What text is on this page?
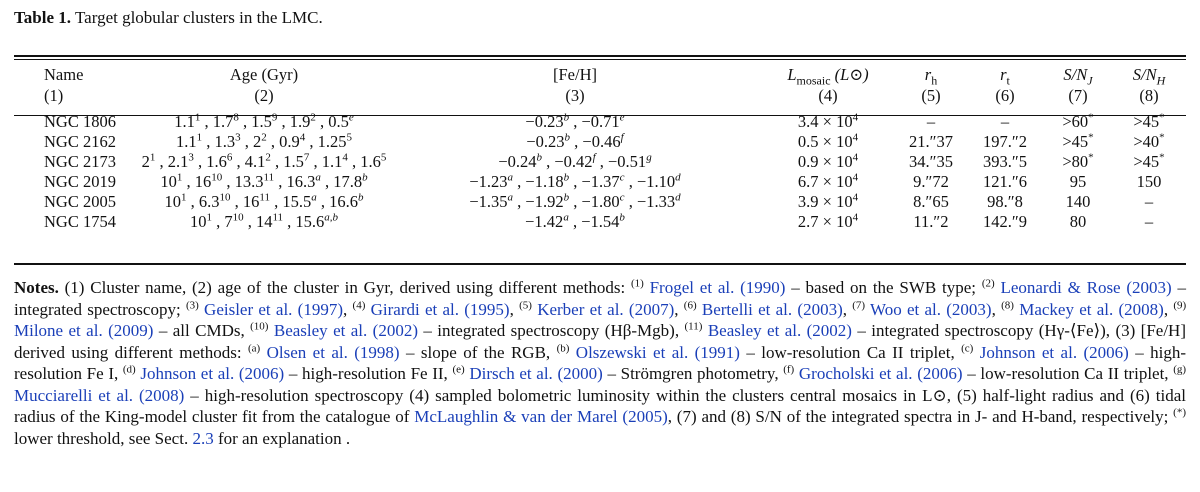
Table 1. Target globular clusters in the LMC.
Name	Age (Gyr)	[Fe/H]	$L_{mosaic}$ (L⊙)	$r_h$	$r_t$	$S/N_J$	$S/N_H$
(1)	(2)	(3)	(4)	(5)	(6)	(7)	(8)
NGC 1806	$1.1^1$ , $1.7^8$ , $1.5^9$ , $1.9^2$ , 0.5$^e$	−0.23$^b$ , −0.71$^e$	$3.4 \times 10^4$	–	–	>60*	>45*
NGC 2162	$1.1^1$ , $1.3^3$ , $2^2$ , $0.9^4$ , $1.25^5$	−0.23$^b$ , −0.46$^f$	$0.5 \times 10^4$	21.″37	197.″2	>45*	>40*
NGC 2173	$2^1$ , $2.1^3$ , $1.6^6$ , $4.1^2$ , $1.5^7$ , $1.1^4$ , $1.6^5$	−0.24$^b$ , −0.42$^f$ , −0.51$^g$	$0.9 \times 10^4$	34.″35	393.″5	>80*	>45*
NGC 2019	$10^1$ , $16^{10}$ , 13.3$^{11}$ , 16.3$^a$ , 17.8$^b$	−1.23$^a$ , −1.18$^b$ , −1.37$^c$ , −1.10$^d$	$6.7 \times 10^4$	9.″72	121.″6	95	150
NGC 2005	$10^1$ , $6.3^{10}$ , $16^{11}$ , 15.5$^a$ , 16.6$^b$	−1.35$^a$ , −1.92$^b$ , −1.80$^c$ , −1.33$^d$	$3.9 \times 10^4$	8.″65	98.″8	140	–
NGC 1754	$10^1$ , $7^{10}$ , $14^{11}$ , $15.6^{a,b}$	−1.42$^a$ , −1.54$^b$	$2.7 \times 10^4$	11.″2	142.″9	80	–
Notes. (1) Cluster name, (2) age of the cluster in Gyr, derived using different methods: $^{(1)}$ Frogel et al. (1990) – based on the SWB type; $^{(2)}$ Leonardi & Rose (2003) – integrated spectroscopy; $^{(3)}$ Geisler et al. (1997), $^{(4)}$ Girardi et al. (1995), $^{(5)}$ Kerber et al. (2007), $^{(6)}$ Bertelli et al. (2003), $^{(7)}$ Woo et al. (2003), $^{(8)}$ Mackey et al. (2008), $^{(9)}$ Milone et al. (2009) – all CMDs, $^{(10)}$ Beasley et al. (2002) – integrated spectroscopy (Hβ-Mgb), $^{(11)}$ Beasley et al. (2002) – integrated spectroscopy (Hγ-⟨Fe⟩), (3) [Fe/H] derived using different methods: $^{(a)}$ Olsen et al. (1998) – slope of the RGB, $^{(b)}$ Olszewski et al. (1991) – low-resolution Ca II triplet, $^{(c)}$ Johnson et al. (2006) – high-resolution Fe I, $^{(d)}$ Johnson et al. (2006) – high-resolution Fe II, $^{(e)}$ Dirsch et al. (2000) – Strömgren photometry, $^{(f)}$ Grocholski et al. (2006) – low-resolution Ca II triplet, $^{(g)}$ Mucciarelli et al. (2008) – high-resolution spectroscopy (4) sampled bolometric luminosity within the clusters central mosaics in L⊙, (5) half-light radius and (6) tidal radius of the King-model cluster fit from the catalogue of McLaughlin & van der Marel (2005), (7) and (8) S/N of the integrated spectra in J- and H-band, respectively; (*) lower threshold, see Sect. 2.3 for an explanation .
